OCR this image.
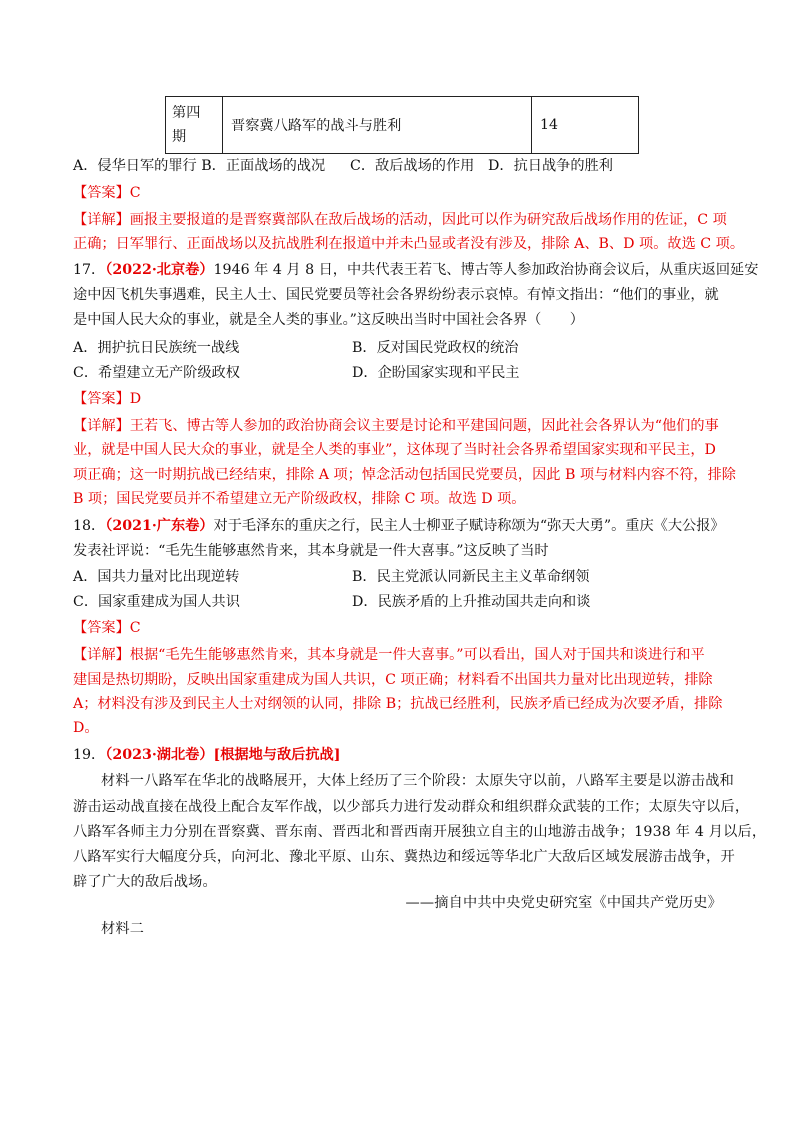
第四
期	晋察冀八路军的战斗与胜利	14
A．侵华日军的罪行 B．正面战场的战况 C．敌后战场的作用 D．抗日战争的胜利
【答案】C
【详解】画报主要报道的是晋察冀部队在敌后战场的活动，因此可以作为研究敌后战场作用的佐证，C 项
正确；日军罪行、正面战场以及抗战胜利在报道中并未凸显或者没有涉及，排除 A、B、D 项。故选 C 项。
17．（2022·北京卷）1946 年 4 月 8 日，中共代表王若飞、博古等人参加政治协商会议后，从重庆返回延安
途中因飞机失事遇难，民主人士、国民党要员等社会各界纷纷表示哀悼。有悼文指出：“他们的事业，就
是中国人民大众的事业，就是全人类的事业。”这反映出当时中国社会各界（　　）
A．拥护抗日民族统一战线	B．反对国民党政权的统治
C．希望建立无产阶级政权	D．企盼国家实现和平民主
【答案】D
【详解】王若飞、博古等人参加的政治协商会议主要是讨论和平建国问题，因此社会各界认为“他们的事
业，就是中国人民大众的事业，就是全人类的事业”，这体现了当时社会各界希望国家实现和平民主，D
项正确；这一时期抗战已经结束，排除 A 项；悼念活动包括国民党要员，因此 B 项与材料内容不符，排除
B 项；国民党要员并不希望建立无产阶级政权，排除 C 项。故选 D 项。
18．（2021·广东卷）对于毛泽东的重庆之行，民主人士柳亚子赋诗称颂为“弥天大勇”。重庆《大公报》
发表社评说：“毛先生能够惠然肯来，其本身就是一件大喜事。”这反映了当时
A．国共力量对比出现逆转	B．民主党派认同新民主主义革命纲领
C．国家重建成为国人共识	D．民族矛盾的上升推动国共走向和谈
【答案】C
【详解】根据“毛先生能够惠然肯来，其本身就是一件大喜事。”可以看出，国人对于国共和谈进行和平
建国是热切期盼，反映出国家重建成为国人共识，C 项正确；材料看不出国共力量对比出现逆转，排除
A；材料没有涉及到民主人士对纲领的认同，排除 B；抗战已经胜利，民族矛盾已经成为次要矛盾，排除
D。
19．（2023·湖北卷）[根据地与敌后抗战]
材料一八路军在华北的战略展开，大体上经历了三个阶段：太原失守以前，八路军主要是以游击战和
游击运动战直接在战役上配合友军作战，以少部兵力进行发动群众和组织群众武装的工作；太原失守以后，
八路军各师主力分别在晋察冀、晋东南、晋西北和晋西南开展独立自主的山地游击战争；1938 年 4 月以后，
八路军实行大幅度分兵，向河北、豫北平原、山东、冀热边和绥远等华北广大敌后区域发展游击战争，开
辟了广大的敌后战场。
——摘自中共中央党史研究室《中国共产党历史》
材料二
